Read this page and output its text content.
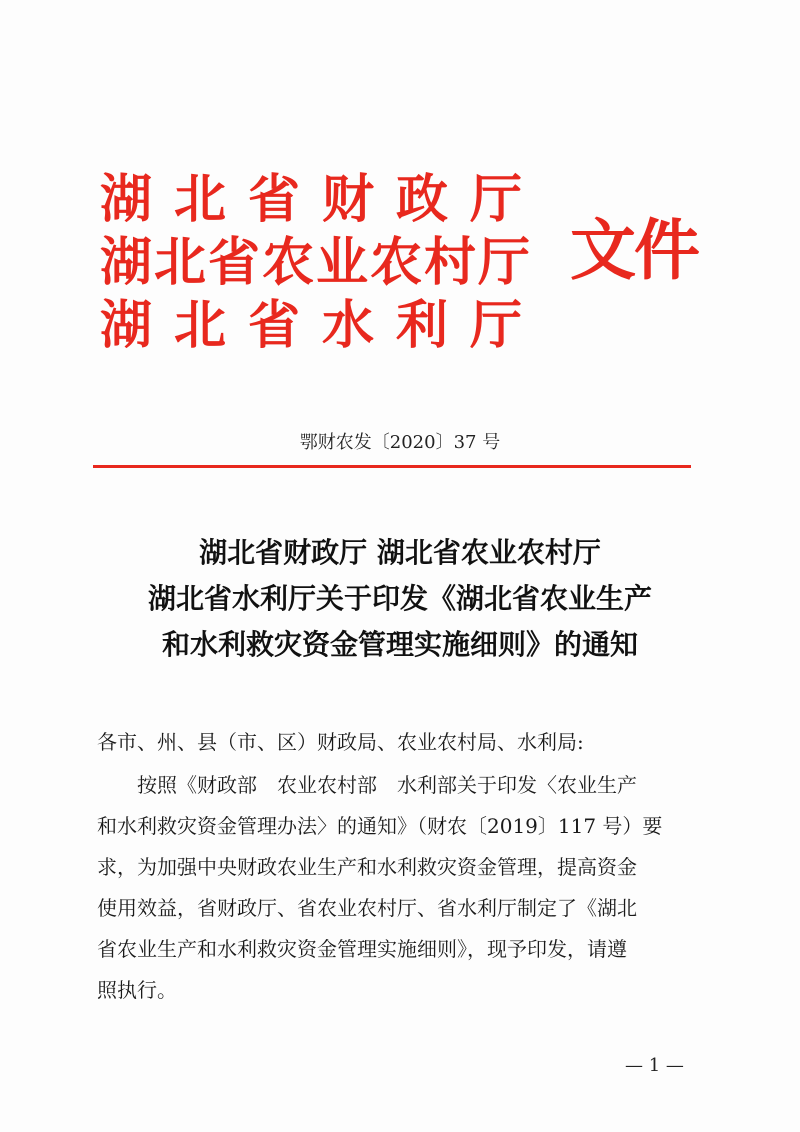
湖北省财政厅
湖北省农业农村厅
湖北省水利厅
文件
鄂财农发〔2020〕37 号
湖北省财政厅 湖北省农业农村厅
湖北省水利厅关于印发《湖北省农业生产
和水利救灾资金管理实施细则》的通知
各市、州、县（市、区）财政局、农业农村局、水利局:
按照《财政部　农业农村部　水利部关于印发〈农业生产
和水利救灾资金管理办法〉的通知》（财农〔2019〕117 号）要
求，为加强中央财政农业生产和水利救灾资金管理，提高资金
使用效益，省财政厅、省农业农村厅、省水利厅制定了《湖北
省农业生产和水利救灾资金管理实施细则》，现予印发，请遵
照执行。
— 1 —
